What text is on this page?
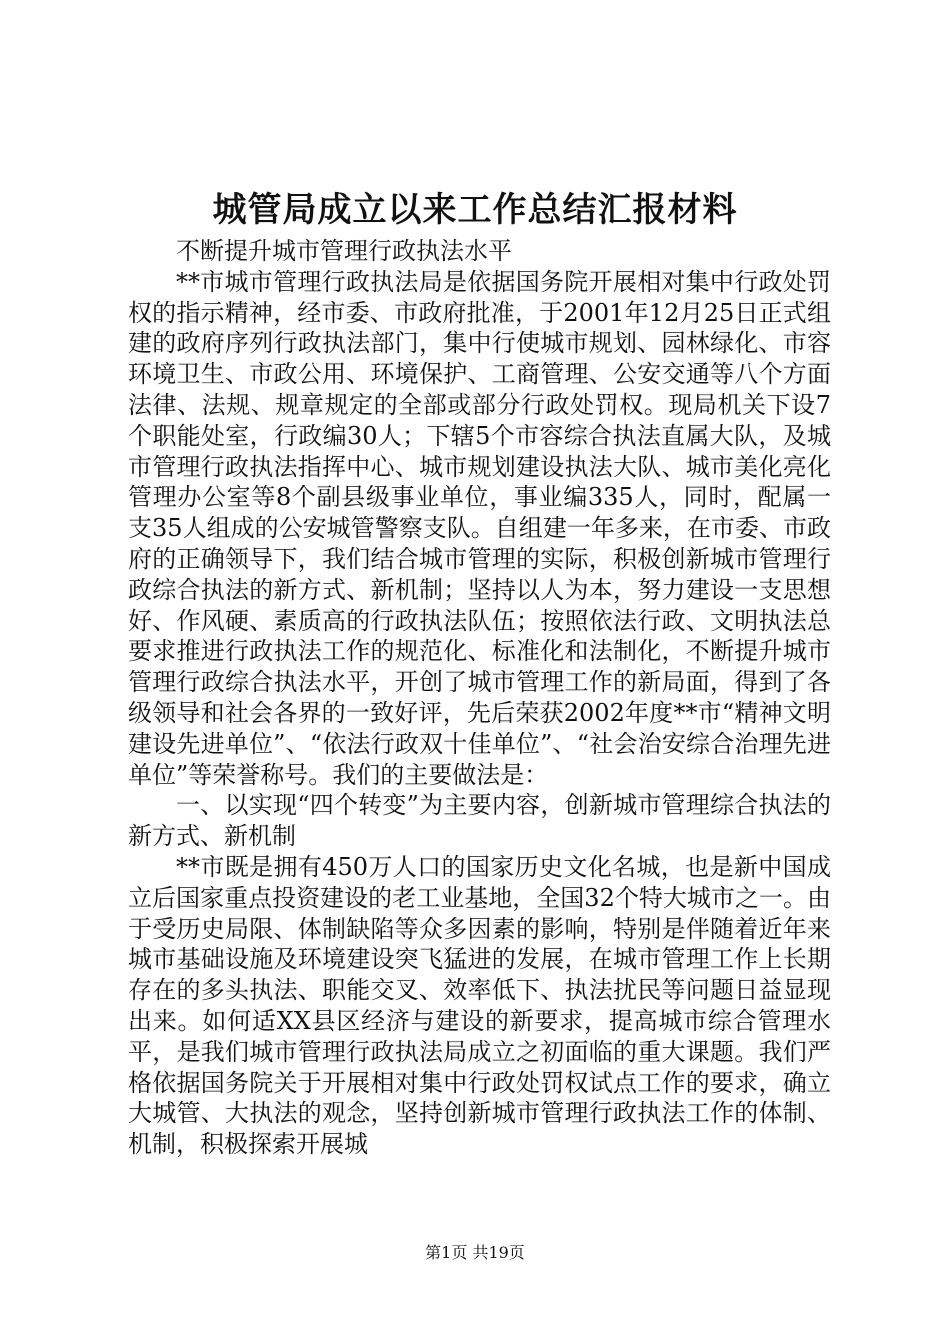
城管局成立以来工作总结汇报材料

不断提升城市管理行政执法水平

**市城市管理行政执法局是依据国务院开展相对集中行政处罚权的指示精神，经市委、市政府批准，于2001年12月25日正式组建的政府序列行政执法部门，集中行使城市规划、园林绿化、市容环境卫生、市政公用、环境保护、工商管理、公安交通等八个方面法律、法规、规章规定的全部或部分行政处罚权。现局机关下设7个职能处室，行政编30人；下辖5个市容综合执法直属大队，及城市管理行政执法指挥中心、城市规划建设执法大队、城市美化亮化管理办公室等8个副县级事业单位，事业编335人，同时，配属一支35人组成的公安城管警察支队。自组建一年多来，在市委、市政府的正确领导下，我们结合城市管理的实际，积极创新城市管理行政综合执法的新方式、新机制；坚持以人为本，努力建设一支思想好、作风硬、素质高的行政执法队伍；按照依法行政、文明执法总要求推进行政执法工作的规范化、标准化和法制化，不断提升城市管理行政综合执法水平，开创了城市管理工作的新局面，得到了各级领导和社会各界的一致好评，先后荣获2002年度**市“精神文明建设先进单位”、“依法行政双十佳单位”、“社会治安综合治理先进单位”等荣誉称号。我们的主要做法是：

一、以实现“四个转变”为主要内容，创新城市管理综合执法的新方式、新机制

**市既是拥有450万人口的国家历史文化名城，也是新中国成立后国家重点投资建设的老工业基地，全国32个特大城市之一。由于受历史局限、体制缺陷等众多因素的影响，特别是伴随着近年来城市基础设施及环境建设突飞猛进的发展，在城市管理工作上长期存在的多头执法、职能交叉、效率低下、执法扰民等问题日益显现出来。如何适XX县区经济与建设的新要求，提高城市综合管理水平，是我们城市管理行政执法局成立之初面临的重大课题。我们严格依据国务院关于开展相对集中行政处罚权试点工作的要求，确立大城管、大执法的观念，坚持创新城市管理行政执法工作的体制、机制，积极探索开展城

第1页 共19页
